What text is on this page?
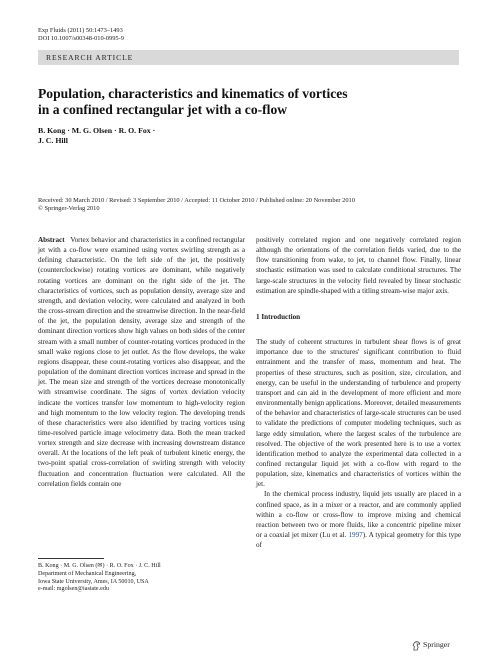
Exp Fluids (2011) 50:1473–1493
DOI 10.1007/s00348-010-0995-9
RESEARCH ARTICLE
Population, characteristics and kinematics of vortices
in a confined rectangular jet with a co-flow
B. Kong · M. G. Olsen · R. O. Fox ·
J. C. Hill
Received: 30 March 2010 / Revised: 3 September 2010 / Accepted: 11 October 2010 / Published online: 20 November 2010
© Springer-Verlag 2010

Abstract Vortex behavior and characteristics in a confined rectangular jet with a co-flow were examined using vortex swirling strength as a defining characteristic. On the left side of the jet, the positively (counterclockwise) rotating vortices are dominant, while negatively rotating vortices are dominant on the right side of the jet. The characteristics of vortices, such as population density, average size and strength, and deviation velocity, were calculated and analyzed in both the cross-stream direction and the streamwise direction. In the near-field of the jet, the population density, average size and strength of the dominant direction vortices show high values on both sides of the center stream with a small number of counter-rotating vortices produced in the small wake regions close to jet outlet. As the flow develops, the wake regions disappear, these count-rotating vortices also disappear, and the population of the dominant direction vortices increase and spread in the jet. The mean size and strength of the vortices decrease monotonically with streamwise coordinate. The signs of vortex deviation velocity indicate the vortices transfer low momentum to high-velocity region and high momentum to the low velocity region. The developing trends of these characteristics were also identified by tracing vortices using time-resolved particle image velocimetry data. Both the mean tracked vortex strength and size decrease with increasing downstream distance overall. At the locations of the left peak of turbulent kinetic energy, the two-point spatial cross-correlation of swirling strength with velocity fluctuation and concentration fluctuation were calculated. All the correlation fields contain one

positively correlated region and one negatively correlated region although the orientations of the correlation fields varied, due to the flow transitioning from wake, to jet, to channel flow. Finally, linear stochastic estimation was used to calculate conditional structures. The large-scale structures in the velocity field revealed by linear stochastic estimation are spindle-shaped with a titling stream-wise major axis.

1 Introduction

The study of coherent structures in turbulent shear flows is of great importance due to the structures' significant contribution to fluid entrainment and the transfer of mass, momentum and heat. The properties of these structures, such as position, size, circulation, and energy, can be useful in the understanding of turbulence and property transport and can aid in the development of more efficient and more environmentally benign applications. Moreover, detailed measurements of the behavior and characteristics of large-scale structures can be used to validate the predictions of computer modeling techniques, such as large eddy simulation, where the largest scales of the turbulence are resolved. The objective of the work presented here is to use a vortex identification method to analyze the experimental data collected in a confined rectangular liquid jet with a co-flow with regard to the population, size, kinematics and characteristics of vortices within the jet.

In the chemical process industry, liquid jets usually are placed in a confined space, as in a mixer or a reactor, and are commonly applied within a co-flow or cross-flow to improve mixing and chemical reaction between two or more fluids, like a concentric pipeline mixer or a coaxial jet mixer (Lu et al. 1997). A typical geometry for this type of

B. Kong · M. G. Olsen (✉) · R. O. Fox · J. C. Hill
Department of Mechanical Engineering,
Iowa State University, Ames, IA 50010, USA
e-mail: mgolsen@iastate.edu
Springer
